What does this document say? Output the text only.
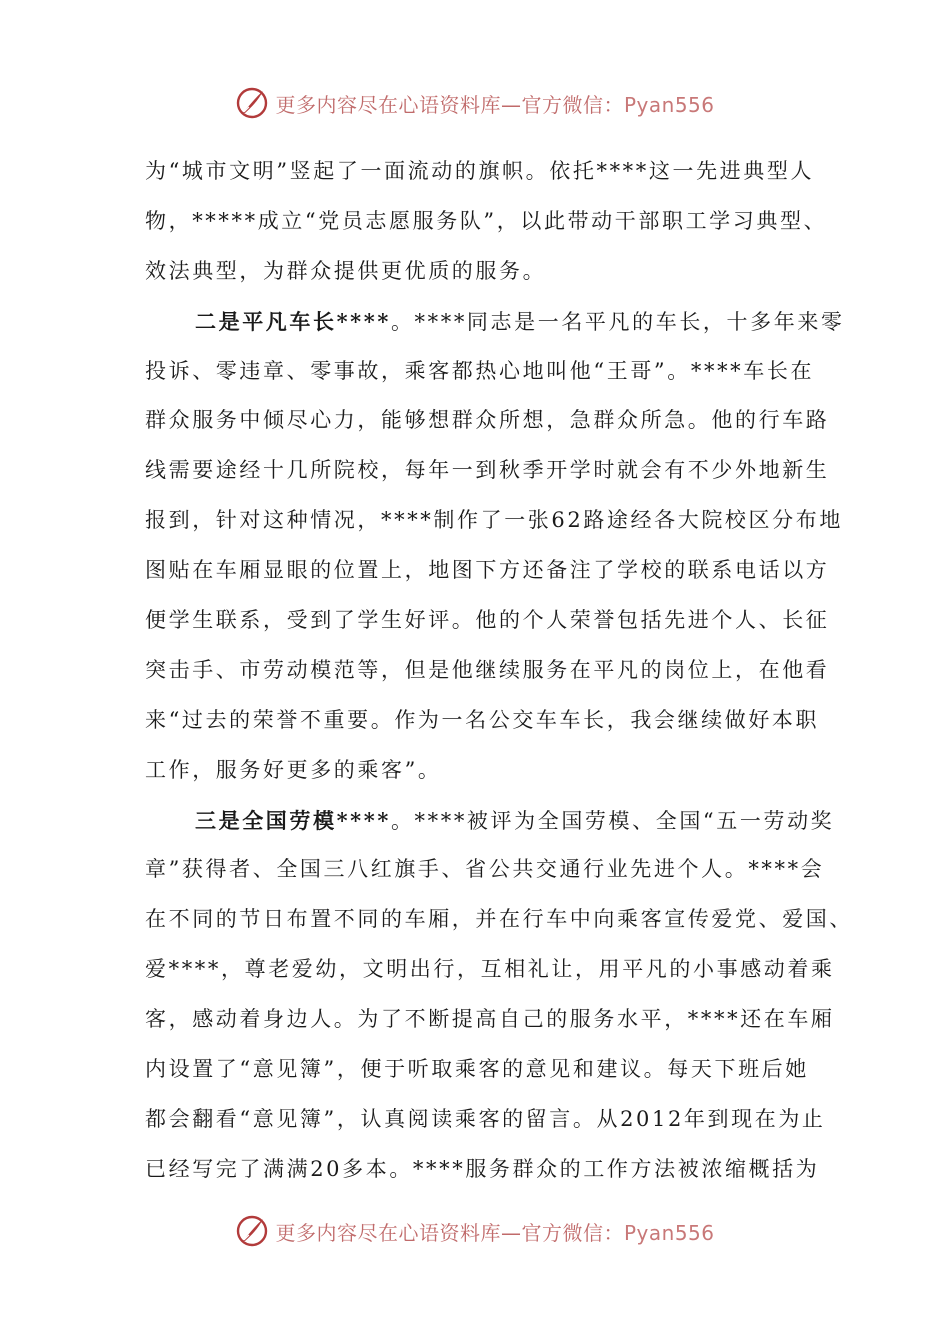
更多内容尽在心语资料库—官方微信：Pyan556
为“城市文明”竖起了一面流动的旗帜。依托****这一先进典型人
物，*****成立“党员志愿服务队”，以此带动干部职工学习典型、
效法典型，为群众提供更优质的服务。
二是平凡车长****。****同志是一名平凡的车长，十多年来零
投诉、零违章、零事故，乘客都热心地叫他“王哥”。****车长在
群众服务中倾尽心力，能够想群众所想，急群众所急。他的行车路
线需要途经十几所院校，每年一到秋季开学时就会有不少外地新生
报到，针对这种情况，****制作了一张62路途经各大院校区分布地
图贴在车厢显眼的位置上，地图下方还备注了学校的联系电话以方
便学生联系，受到了学生好评。他的个人荣誉包括先进个人、长征
突击手、市劳动模范等，但是他继续服务在平凡的岗位上，在他看
来“过去的荣誉不重要。作为一名公交车车长，我会继续做好本职
工作，服务好更多的乘客”。
三是全国劳模****。****被评为全国劳模、全国“五一劳动奖
章”获得者、全国三八红旗手、省公共交通行业先进个人。****会
在不同的节日布置不同的车厢，并在行车中向乘客宣传爱党、爱国、
爱****，尊老爱幼，文明出行，互相礼让，用平凡的小事感动着乘
客，感动着身边人。为了不断提高自己的服务水平，****还在车厢
内设置了“意见簿”，便于听取乘客的意见和建议。每天下班后她
都会翻看“意见簿”，认真阅读乘客的留言。从2012年到现在为止
已经写完了满满20多本。****服务群众的工作方法被浓缩概括为
更多内容尽在心语资料库—官方微信：Pyan556
